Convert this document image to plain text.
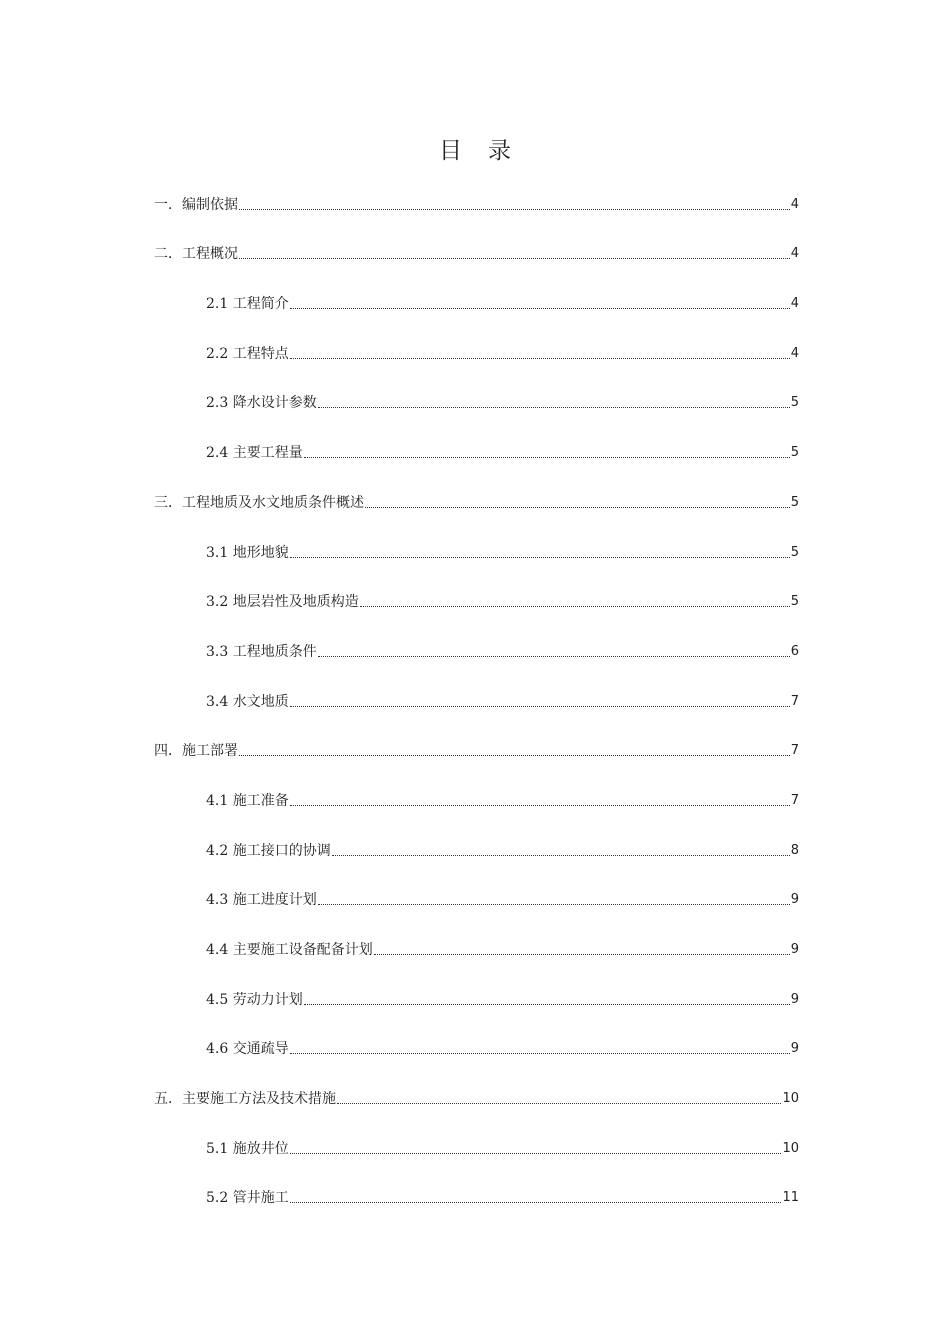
目 录
一．编制依据	4
二．工程概况	4
2.1 工程简介	4
2.2 工程特点	4
2.3 降水设计参数	5
2.4 主要工程量	5
三．工程地质及水文地质条件概述	5
3.1 地形地貌	5
3.2 地层岩性及地质构造	5
3.3 工程地质条件	6
3.4 水文地质	7
四．施工部署	7
4.1 施工准备	7
4.2 施工接口的协调	8
4.3 施工进度计划	9
4.4 主要施工设备配备计划	9
4.5 劳动力计划	9
4.6 交通疏导	9
五．主要施工方法及技术措施	10
5.1 施放井位	10
5.2 管井施工	11
